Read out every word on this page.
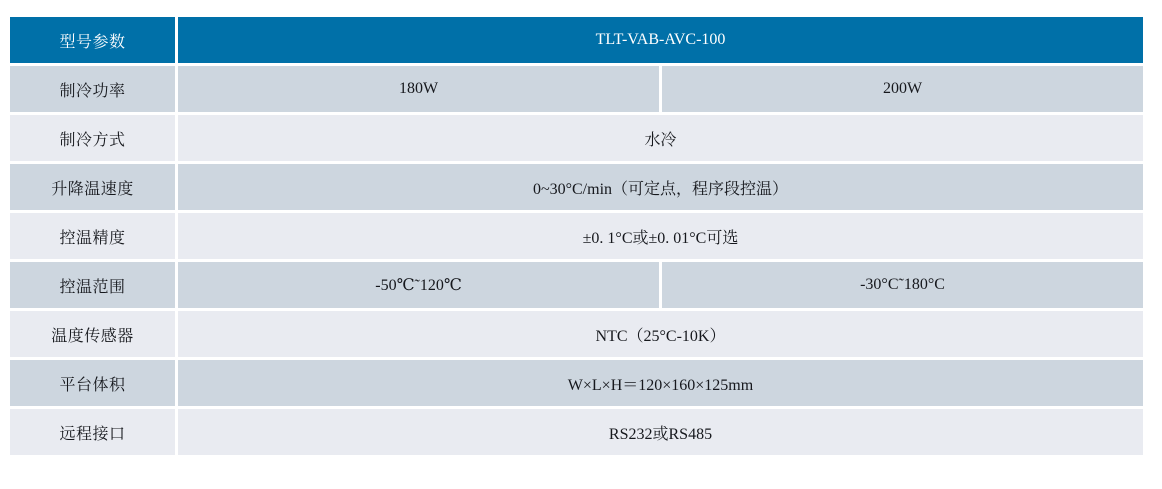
型号参数	TLT-VAB-AVC-100
制冷功率	180W	200W
制冷方式	水冷
升降温速度	0~30°C/min（可定点，程序段控温）
控温精度	±0. 1°C或±0. 01°C可选
控温范围	-50℃˜120℃	-30°C˜180°C
温度传感器	NTC（25°C-10K）
平台体积	W×L×H＝120×160×125mm
远程接口	RS232或RS485
